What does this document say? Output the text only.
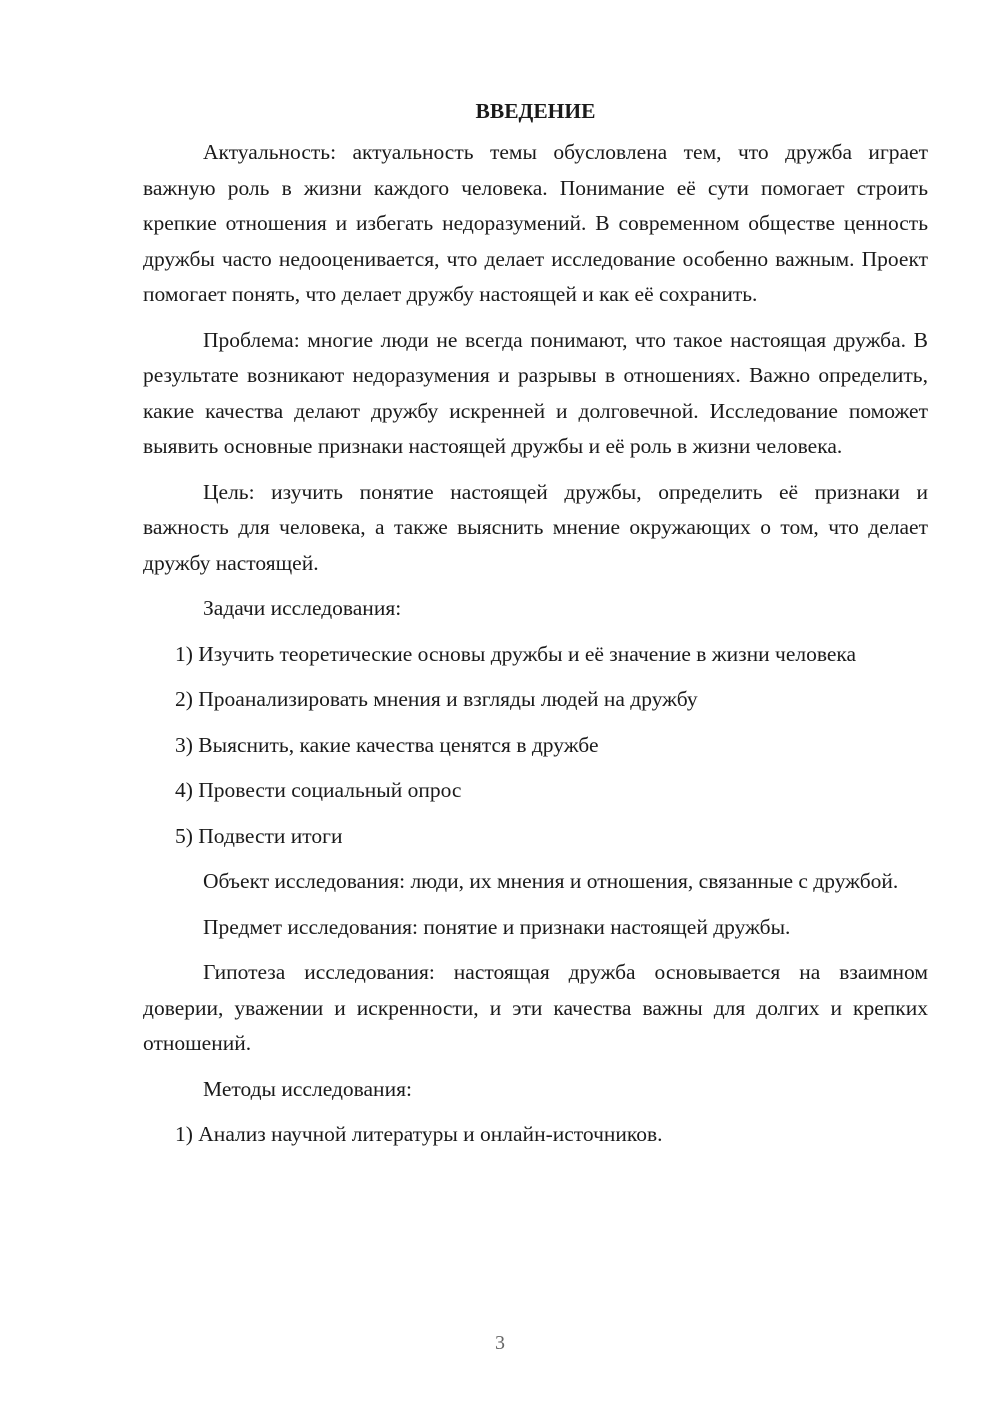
ВВЕДЕНИЕ

Актуальность: актуальность темы обусловлена тем, что дружба играет важную роль в жизни каждого человека. Понимание её сути помогает строить крепкие отношения и избегать недоразумений. В современном обществе ценность дружбы часто недооценивается, что делает исследование особенно важным. Проект помогает понять, что делает дружбу настоящей и как её сохранить.

Проблема: многие люди не всегда понимают, что такое настоящая дружба. В результате возникают недоразумения и разрывы в отношениях. Важно определить, какие качества делают дружбу искренней и долговечной. Исследование поможет выявить основные признаки настоящей дружбы и её роль в жизни человека.

Цель: изучить понятие настоящей дружбы, определить её признаки и важность для человека, а также выяснить мнение окружающих о том, что делает дружбу настоящей.

Задачи исследования:

1) Изучить теоретические основы дружбы и её значение в жизни человека

2) Проанализировать мнения и взгляды людей на дружбу

3) Выяснить, какие качества ценятся в дружбе

4) Провести социальный опрос

5) Подвести итоги

Объект исследования: люди, их мнения и отношения, связанные с дружбой.

Предмет исследования: понятие и признаки настоящей дружбы.

Гипотеза исследования: настоящая дружба основывается на взаимном доверии, уважении и искренности, и эти качества важны для долгих и крепких отношений.

Методы исследования:

1) Анализ научной литературы и онлайн-источников.

3
